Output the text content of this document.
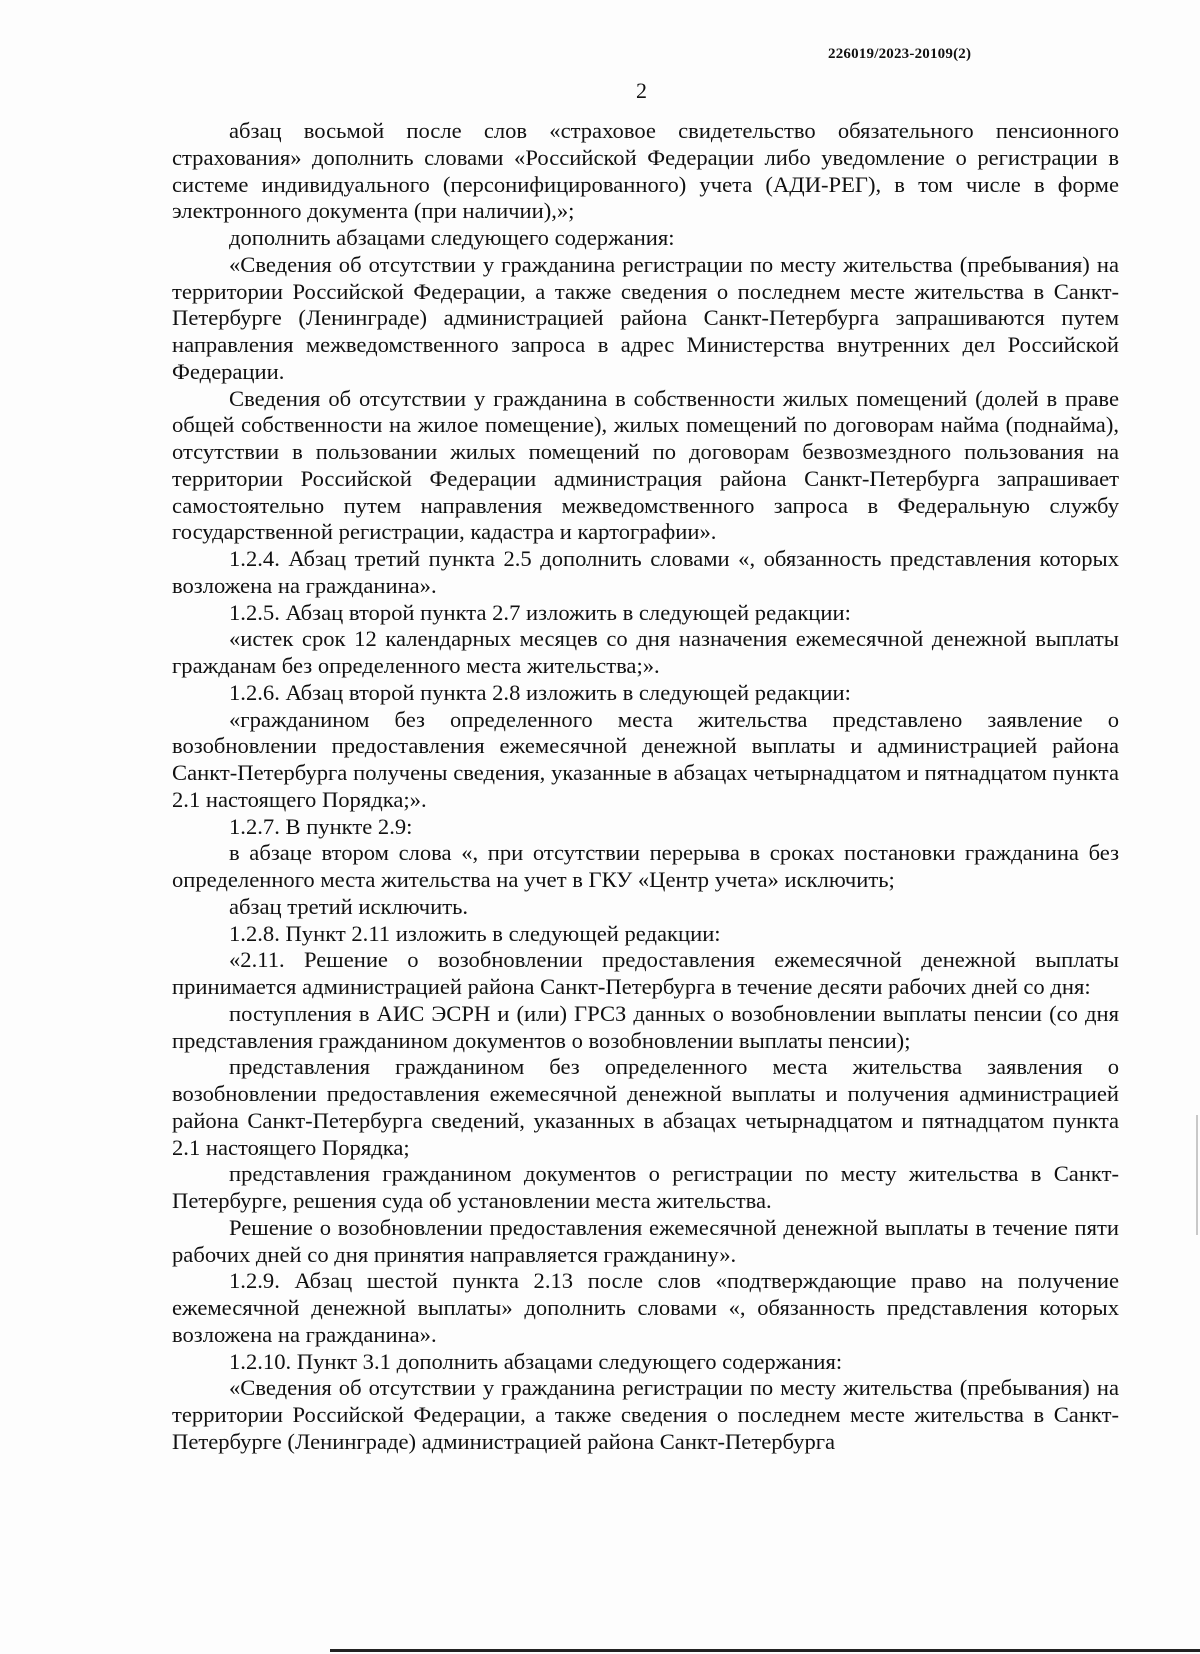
226019/2023-20109(2)
2

абзац восьмой после слов «страховое свидетельство обязательного пенсионного страхования» дополнить словами «Российской Федерации либо уведомление о регистрации в системе индивидуального (персонифицированного) учета (АДИ-РЕГ), в том числе в форме электронного документа (при наличии),»;

дополнить абзацами следующего содержания:

«Сведения об отсутствии у гражданина регистрации по месту жительства (пребывания) на территории Российской Федерации, а также сведения о последнем месте жительства в Санкт-Петербурге (Ленинграде) администрацией района Санкт-Петербурга запрашиваются путем направления межведомственного запроса в адрес Министерства внутренних дел Российской Федерации.

Сведения об отсутствии у гражданина в собственности жилых помещений (долей в праве общей собственности на жилое помещение), жилых помещений по договорам найма (поднайма), отсутствии в пользовании жилых помещений по договорам безвозмездного пользования на территории Российской Федерации администрация района Санкт-Петербурга запрашивает самостоятельно путем направления межведомственного запроса в Федеральную службу государственной регистрации, кадастра и картографии».

1.2.4. Абзац третий пункта 2.5 дополнить словами «, обязанность представления которых возложена на гражданина».

1.2.5. Абзац второй пункта 2.7 изложить в следующей редакции:

«истек срок 12 календарных месяцев со дня назначения ежемесячной денежной выплаты гражданам без определенного места жительства;».

1.2.6. Абзац второй пункта 2.8 изложить в следующей редакции:

«гражданином без определенного места жительства представлено заявление о возобновлении предоставления ежемесячной денежной выплаты и администрацией района Санкт-Петербурга получены сведения, указанные в абзацах четырнадцатом и пятнадцатом пункта 2.1 настоящего Порядка;».

1.2.7. В пункте 2.9:

в абзаце втором слова «, при отсутствии перерыва в сроках постановки гражданина без определенного места жительства на учет в ГКУ «Центр учета» исключить;

абзац третий исключить.

1.2.8. Пункт 2.11 изложить в следующей редакции:

«2.11. Решение о возобновлении предоставления ежемесячной денежной выплаты принимается администрацией района Санкт-Петербурга в течение десяти рабочих дней со дня:

поступления в АИС ЭСРН и (или) ГРСЗ данных о возобновлении выплаты пенсии (со дня представления гражданином документов о возобновлении выплаты пенсии);

представления гражданином без определенного места жительства заявления о возобновлении предоставления ежемесячной денежной выплаты и получения администрацией района Санкт-Петербурга сведений, указанных в абзацах четырнадцатом и пятнадцатом пункта 2.1 настоящего Порядка;

представления гражданином документов о регистрации по месту жительства в Санкт-Петербурге, решения суда об установлении места жительства.

Решение о возобновлении предоставления ежемесячной денежной выплаты в течение пяти рабочих дней со дня принятия направляется гражданину».

1.2.9. Абзац шестой пункта 2.13 после слов «подтверждающие право на получение ежемесячной денежной выплаты» дополнить словами «, обязанность представления которых возложена на гражданина».

1.2.10. Пункт 3.1 дополнить абзацами следующего содержания:

«Сведения об отсутствии у гражданина регистрации по месту жительства (пребывания) на территории Российской Федерации, а также сведения о последнем месте жительства в Санкт-Петербурге (Ленинграде) администрацией района Санкт-Петербурга
